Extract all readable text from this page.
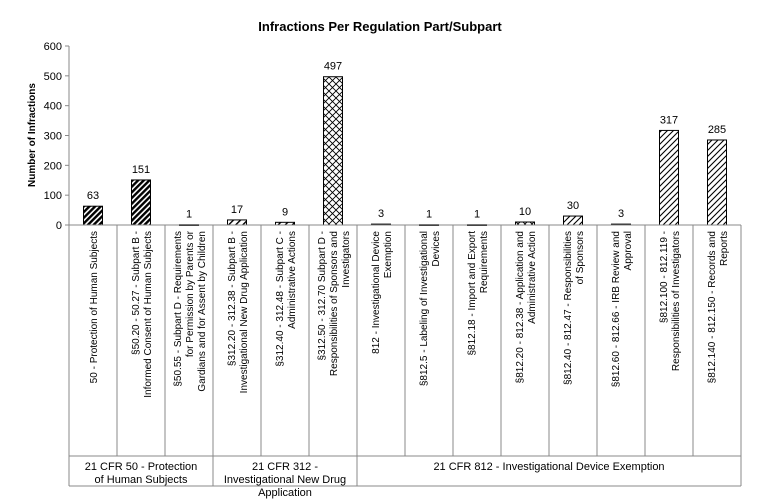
Infractions Per Regulation Part/Subpart
Number of Infractions
0
100
200
300
400
500
600
63
151
1	17	9
497
3	1	1	10	30
3
317
285
50 - Protection of Human Subjects	§50.20 - 50.27 - Subpart B -Informed Consent of Human Subjects §50.55 - Subpart D - Requirementsfor Permission by Parents orGardians and for Assent by Children §312.20 - 312.38 - Subpart B -Investigational New Drug Application	§312.40 - 312.48 - Subpart C -Administrative Actions §312.50 - 312.70 Subpart D -Responsibilities of Sponsors andInvestigators 812 - Investigational DeviceExemption	§812.5 - Labeling of InvestigationalDevices	§812.18 - Import and ExportRequirements	§812.20 - 812.38 - Application andAdministrative Action	§812.40 - 812.47 - Responsibilitiesof Sponsors	§812.60 - 812.66 - IRB Review andApproval	§812.100 - 812.119 -Responsibilities of Investigators	§812.140 - 812.150 - Records andReports
21 CFR 50 - Protection of Human Subjects
21 CFR 312 -Investigational New Drug Application
21 CFR 812 - Investigational Device Exemption
